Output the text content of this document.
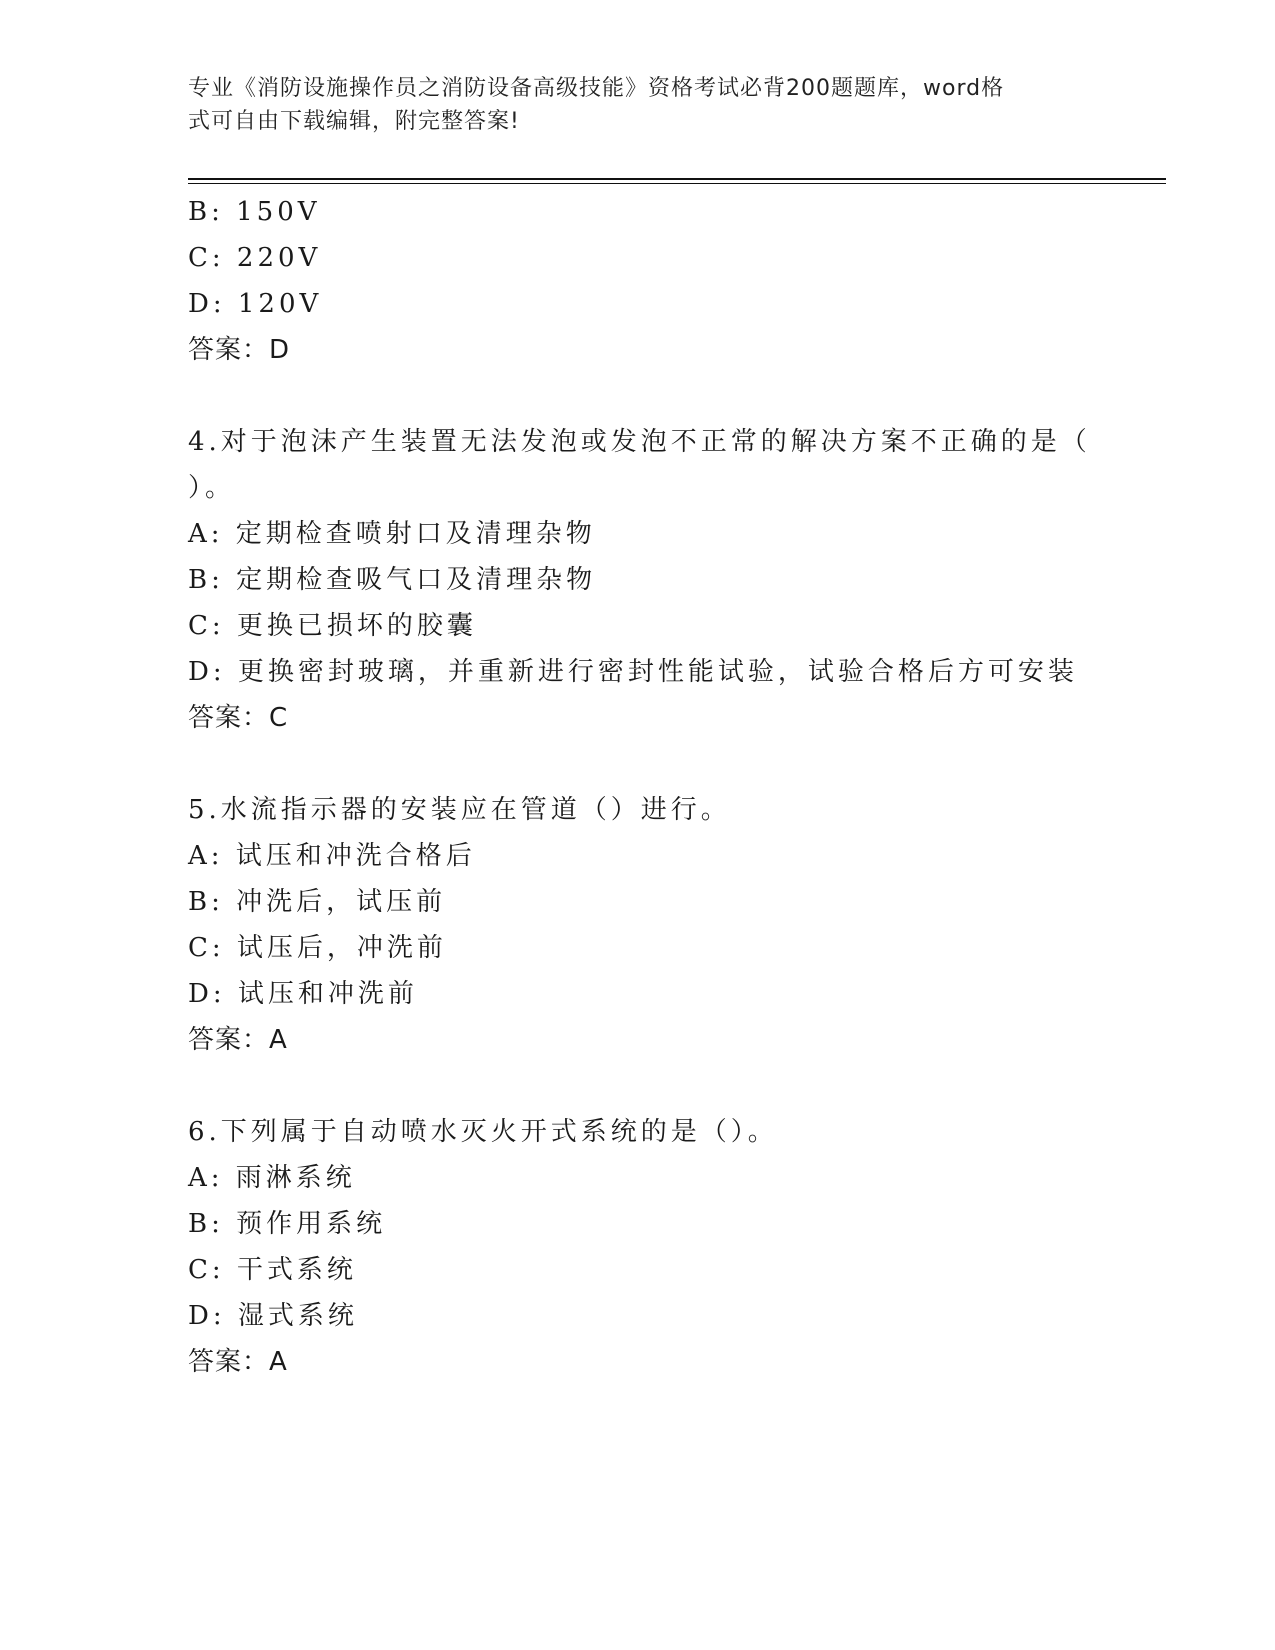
专业《消防设施操作员之消防设备高级技能》资格考试必背200题题库，word格
式可自由下载编辑，附完整答案!
B: 150V
C: 220V
D: 120V
答案：D
4.对于泡沫产生装置无法发泡或发泡不正常的解决方案不正确的是（
）。
A: 定期检查喷射口及清理杂物
B: 定期检查吸气口及清理杂物
C: 更换已损坏的胶囊
D: 更换密封玻璃，并重新进行密封性能试验，试验合格后方可安装
答案：C
5.水流指示器的安装应在管道（）进行。
A: 试压和冲洗合格后
B: 冲洗后，试压前
C: 试压后，冲洗前
D: 试压和冲洗前
答案：A
6.下列属于自动喷水灭火开式系统的是（）。
A: 雨淋系统
B: 预作用系统
C: 干式系统
D: 湿式系统
答案：A
